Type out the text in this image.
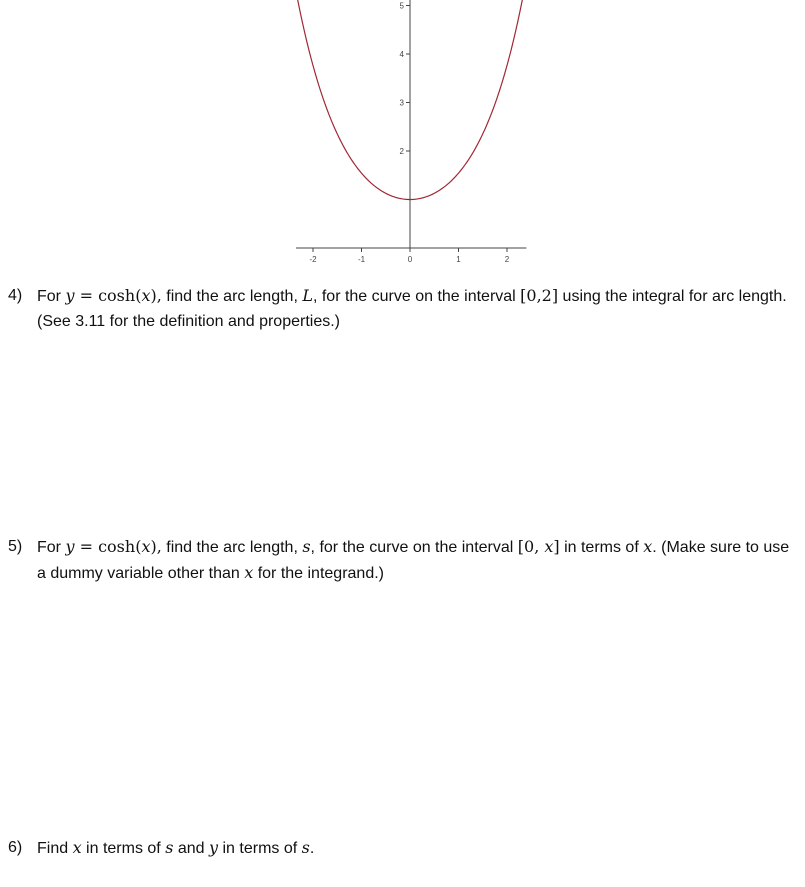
-2	-1	0	1	2
2
3
4
5
4) For y = cosh(x), find the arc length, L, for the curve on the interval [0,2] using the integral for arc length. (See 3.11 for the definition and properties.)
5) For y = cosh(x), find the arc length, s, for the curve on the interval [0, x] in terms of x. (Make sure to use a dummy variable other than x for the integrand.)
6) Find x in terms of s and y in terms of s.
